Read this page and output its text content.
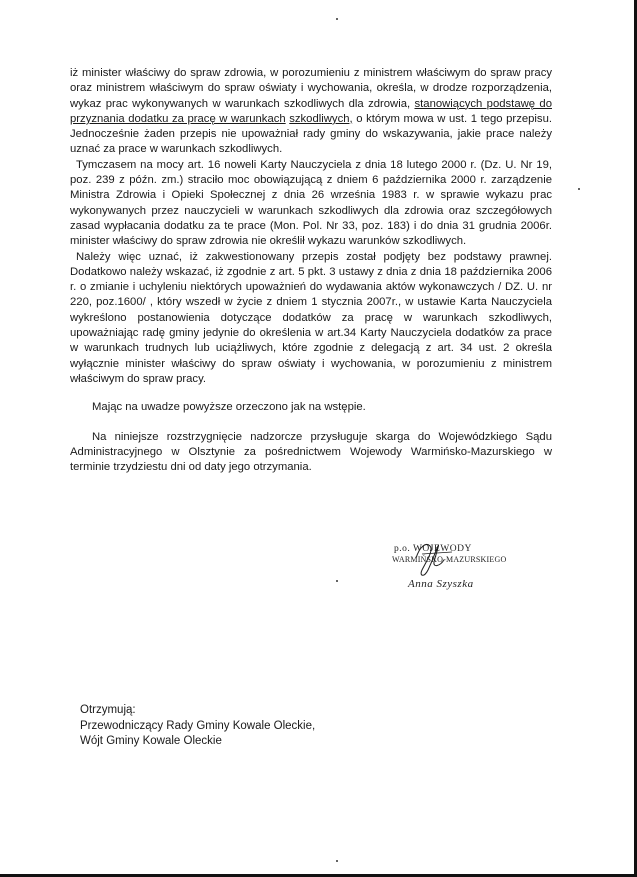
iż minister właściwy do spraw zdrowia, w porozumieniu z ministrem właściwym do spraw pracy oraz ministrem właściwym do spraw oświaty i wychowania, określa, w drodze rozporządzenia, wykaz prac wykonywanych w warunkach szkodliwych dla zdrowia, stanowiących podstawę do przyznania dodatku za pracę w warunkach szkodliwych, o którym mowa w ust. 1 tego przepisu. Jednocześnie żaden przepis nie upoważniał rady gminy do wskazywania, jakie prace należy uznać za prace w warunkach szkodliwych.

Tymczasem na mocy art. 16 noweli Karty Nauczyciela z dnia 18 lutego 2000 r. (Dz. U. Nr 19, poz. 239 z późn. zm.) straciło moc obowiązującą z dniem 6 października 2000 r. zarządzenie Ministra Zdrowia i Opieki Społecznej z dnia 26 września 1983 r. w sprawie wykazu prac wykonywanych przez nauczycieli w warunkach szkodliwych dla zdrowia oraz szczegółowych zasad wypłacania dodatku za te prace (Mon. Pol. Nr 33, poz. 183) i do dnia 31 grudnia 2006r. minister właściwy do spraw zdrowia nie określił wykazu warunków szkodliwych.

Należy więc uznać, iż zakwestionowany przepis został podjęty bez podstawy prawnej. Dodatkowo należy wskazać, iż zgodnie z art. 5 pkt. 3 ustawy z dnia z dnia 18 października 2006 r. o zmianie i uchyleniu niektórych upoważnień do wydawania aktów wykonawczych / DZ. U. nr 220, poz.1600/ , który wszedł w życie z dniem 1 stycznia 2007r., w ustawie Karta Nauczyciela wykreślono postanowienia dotyczące dodatków za pracę w warunkach szkodliwych, upoważniając radę gminy jedynie do określenia w art.34 Karty Nauczyciela dodatków za prace w warunkach trudnych lub uciążliwych, które zgodnie z delegacją z art. 34 ust. 2 określa wyłącznie minister właściwy do spraw oświaty i wychowania, w porozumieniu z ministrem właściwym do spraw pracy.

Mając na uwadze powyższe orzeczono jak na wstępie.

Na niniejsze rozstrzygnięcie nadzorcze przysługuje skarga do Wojewódzkiego Sądu Administracyjnego w Olsztynie za pośrednictwem Wojewody Warmińsko-Mazurskiego w terminie trzydziestu dni od daty jego otrzymania.

p.o. WOJEWODY
WARMIŃSKO-MAZURSKIEGO
Anna Szyszka
Otrzymują:
Przewodniczący Rady Gminy Kowale Oleckie,
Wójt Gminy Kowale Oleckie
